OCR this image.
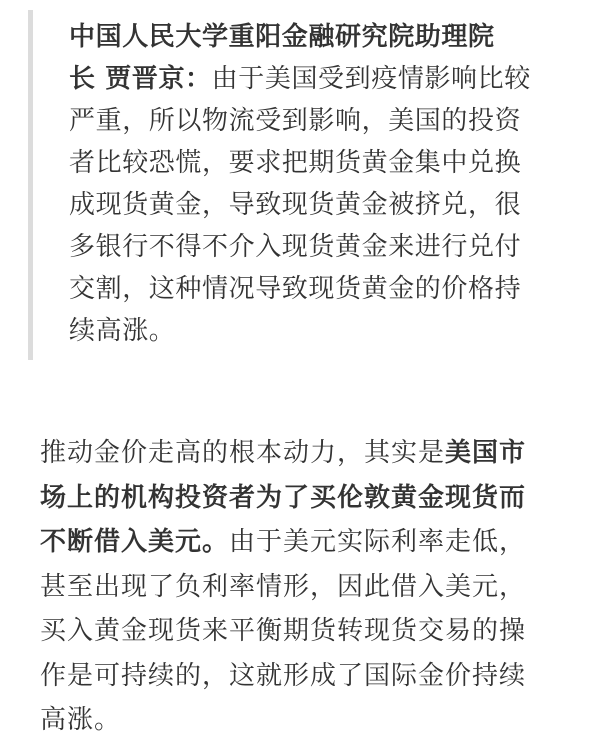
中国人民大学重阳金融研究院助理院
长 贾晋京：由于美国受到疫情影响比较
严重，所以物流受到影响，美国的投资
者比较恐慌，要求把期货黄金集中兑换
成现货黄金，导致现货黄金被挤兑，很
多银行不得不介入现货黄金来进行兑付
交割，这种情况导致现货黄金的价格持
续高涨。
推动金价走高的根本动力，其实是美国市
场上的机构投资者为了买伦敦黄金现货而
不断借入美元。由于美元实际利率走低，
甚至出现了负利率情形，因此借入美元，
买入黄金现货来平衡期货转现货交易的操
作是可持续的，这就形成了国际金价持续
高涨。
